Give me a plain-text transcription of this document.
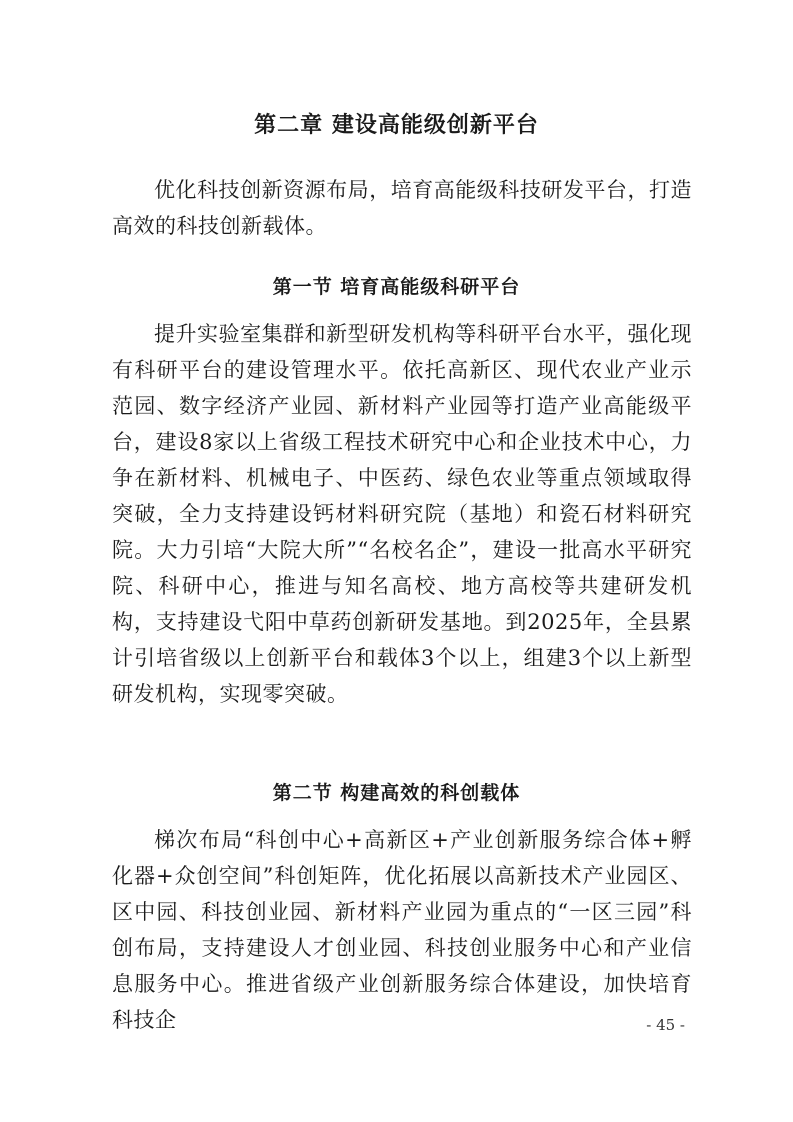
第二章 建设高能级创新平台

优化科技创新资源布局，培育高能级科技研发平台，打造高效的科技创新载体。

第一节 培育高能级科研平台

提升实验室集群和新型研发机构等科研平台水平，强化现有科研平台的建设管理水平。依托高新区、现代农业产业示范园、数字经济产业园、新材料产业园等打造产业高能级平台，建设8家以上省级工程技术研究中心和企业技术中心，力争在新材料、机械电子、中医药、绿色农业等重点领域取得突破，全力支持建设钙材料研究院（基地）和瓷石材料研究院。大力引培“大院大所”“名校名企”，建设一批高水平研究院、科研中心，推进与知名高校、地方高校等共建研发机构，支持建设弋阳中草药创新研发基地。到2025年，全县累计引培省级以上创新平台和载体3个以上，组建3个以上新型研发机构，实现零突破。

第二节 构建高效的科创载体

梯次布局“科创中心+高新区+产业创新服务综合体+孵化器+众创空间”科创矩阵，优化拓展以高新技术产业园区、区中园、科技创业园、新材料产业园为重点的“一区三园”科创布局，支持建设人才创业园、科技创业服务中心和产业信息服务中心。推进省级产业创新服务综合体建设，加快培育科技企	- 45 -
